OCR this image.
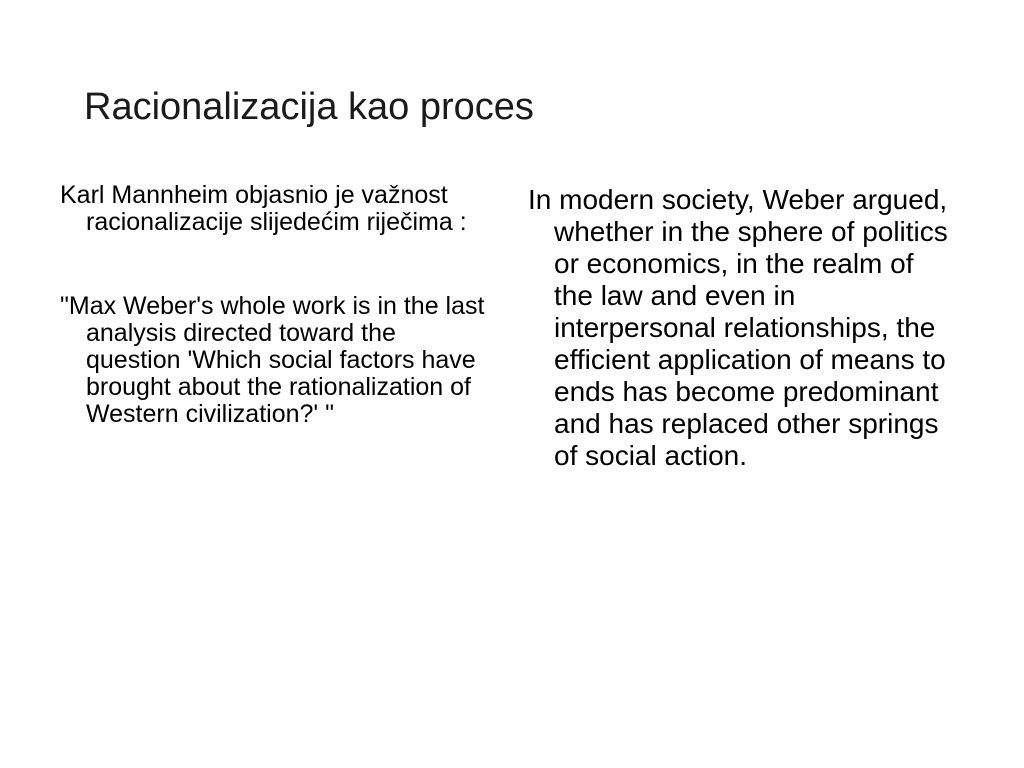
Racionalizacija kao proces

Karl Mannheim objasnio je važnost racionalizacije slijedećim riječima :

"Max Weber's whole work is in the last analysis directed toward the question 'Which social factors have brought about the rationalization of Western civilization?' "

In modern society, Weber argued, whether in the sphere of politics or economics, in the realm of the law and even in interpersonal relationships, the efficient application of means to ends has become predominant and has replaced other springs of social action.
